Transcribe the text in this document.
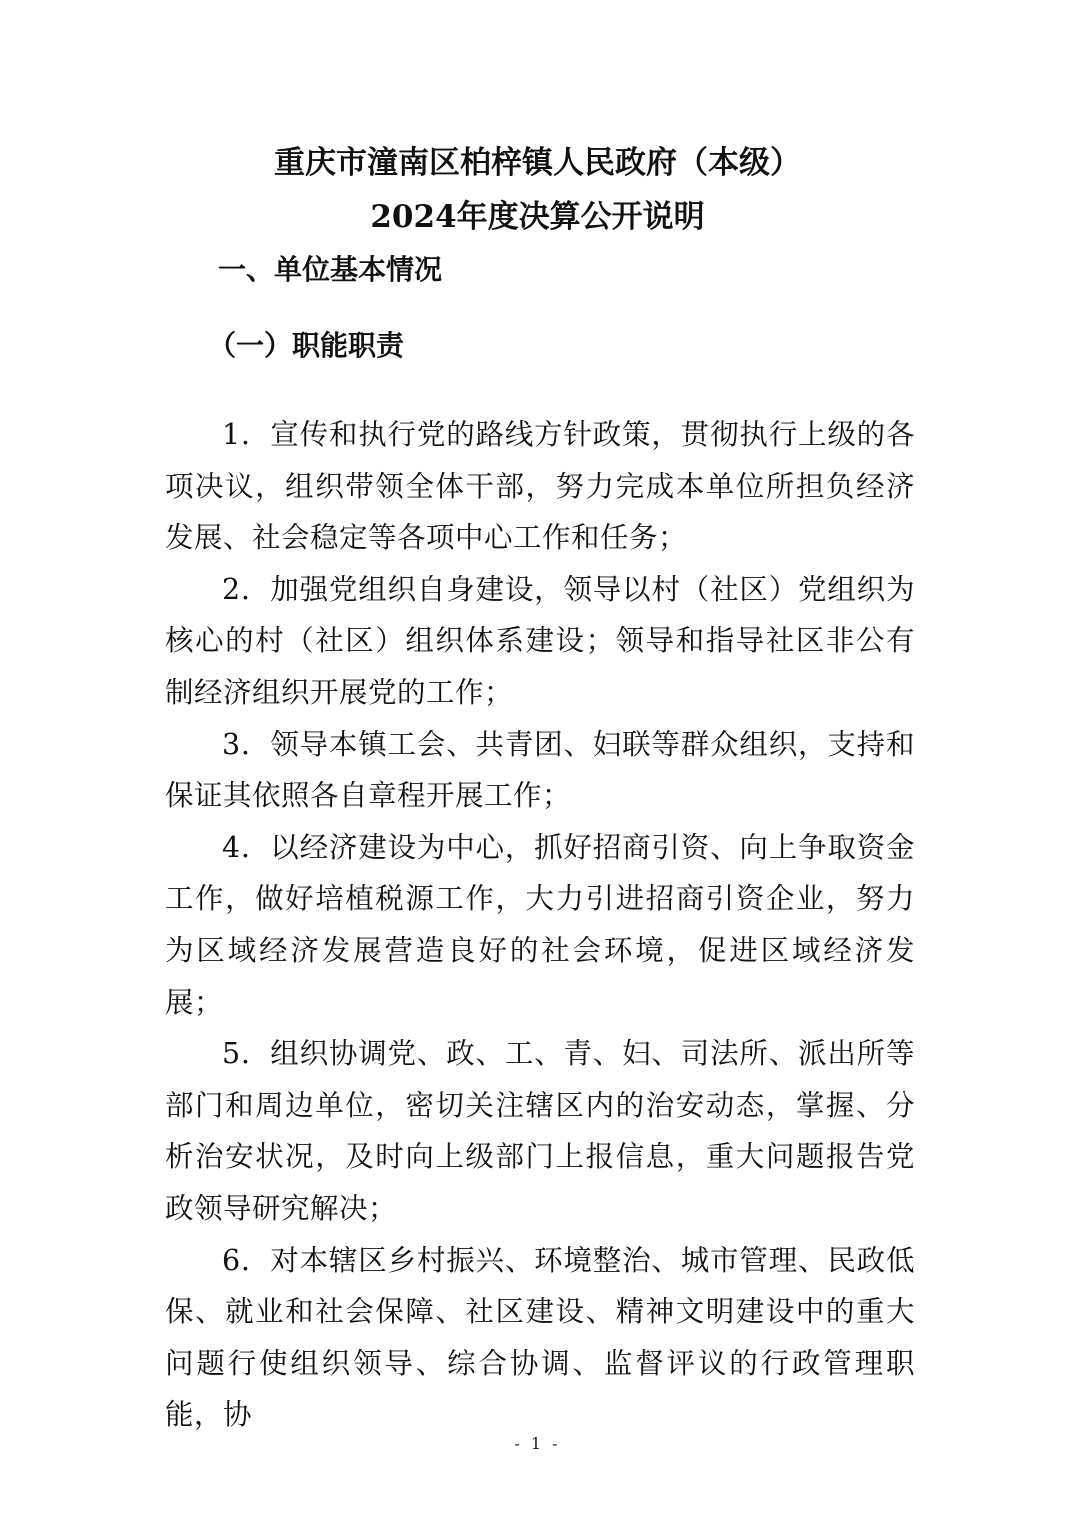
重庆市潼南区柏梓镇人民政府（本级）
2024年度决算公开说明
一、单位基本情况
（一）职能职责

1．宣传和执行党的路线方针政策，贯彻执行上级的各项决议，组织带领全体干部，努力完成本单位所担负经济发展、社会稳定等各项中心工作和任务；

2．加强党组织自身建设，领导以村（社区）党组织为核心的村（社区）组织体系建设；领导和指导社区非公有制经济组织开展党的工作；

3．领导本镇工会、共青团、妇联等群众组织，支持和保证其依照各自章程开展工作；

4．以经济建设为中心，抓好招商引资、向上争取资金工作，做好培植税源工作，大力引进招商引资企业，努力为区域经济发展营造良好的社会环境，促进区域经济发展；

5．组织协调党、政、工、青、妇、司法所、派出所等部门和周边单位，密切关注辖区内的治安动态，掌握、分析治安状况，及时向上级部门上报信息，重大问题报告党政领导研究解决；

6．对本辖区乡村振兴、环境整治、城市管理、民政低保、就业和社会保障、社区建设、精神文明建设中的重大问题行使组织领导、综合协调、监督评议的行政管理职能，协

- 1 -
